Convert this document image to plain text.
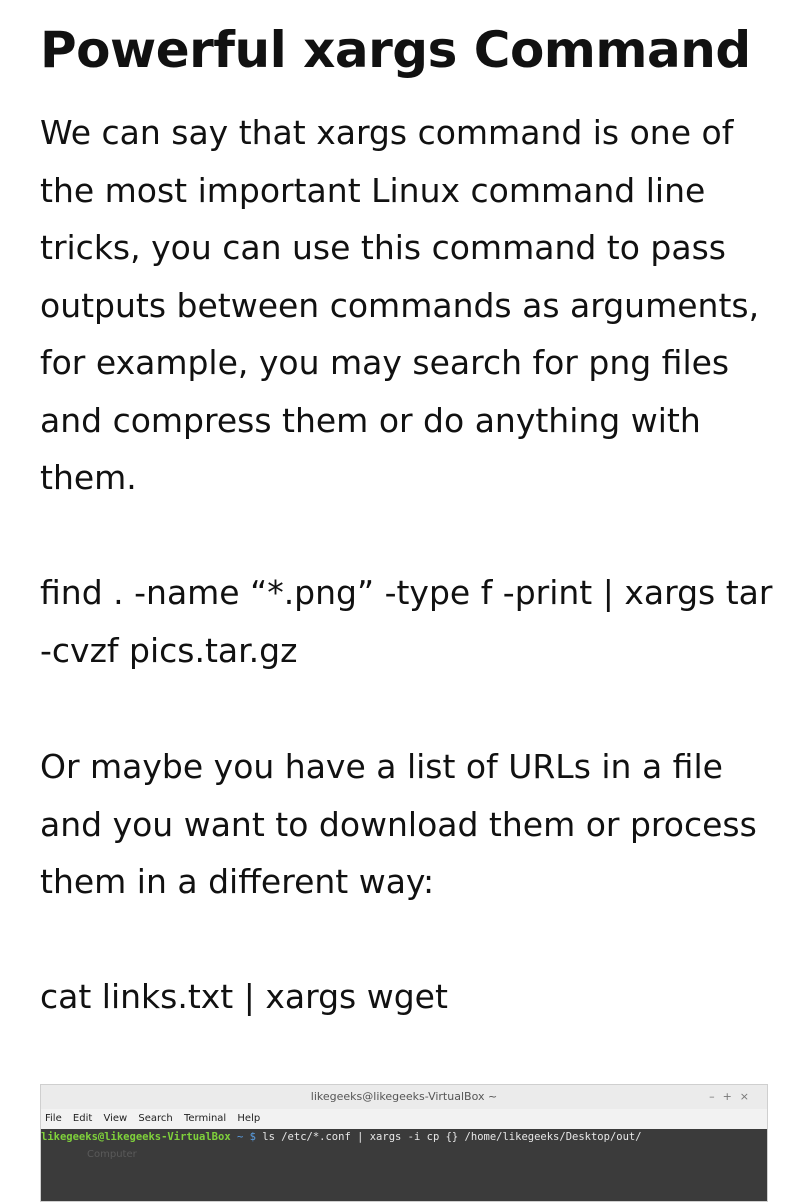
Powerful xargs Command

We can say that xargs command is one of the most important Linux command line tricks, you can use this command to pass outputs between commands as arguments, for example, you may search for png files and compress them or do anything with them.

find . -name “*.png” -type f -print | xargs tar -cvzf pics.tar.gz

Or maybe you have a list of URLs in a file and you want to download them or process them in a different way:

cat links.txt | xargs wget

likegeeks@likegeeks-VirtualBox ~	–+×
File Edit View Search Terminal Help
likegeeks@likegeeks-VirtualBox ~ $ ls /etc/*.conf | xargs -i cp {} /home/likegeeks/Desktop/out/
Computer
